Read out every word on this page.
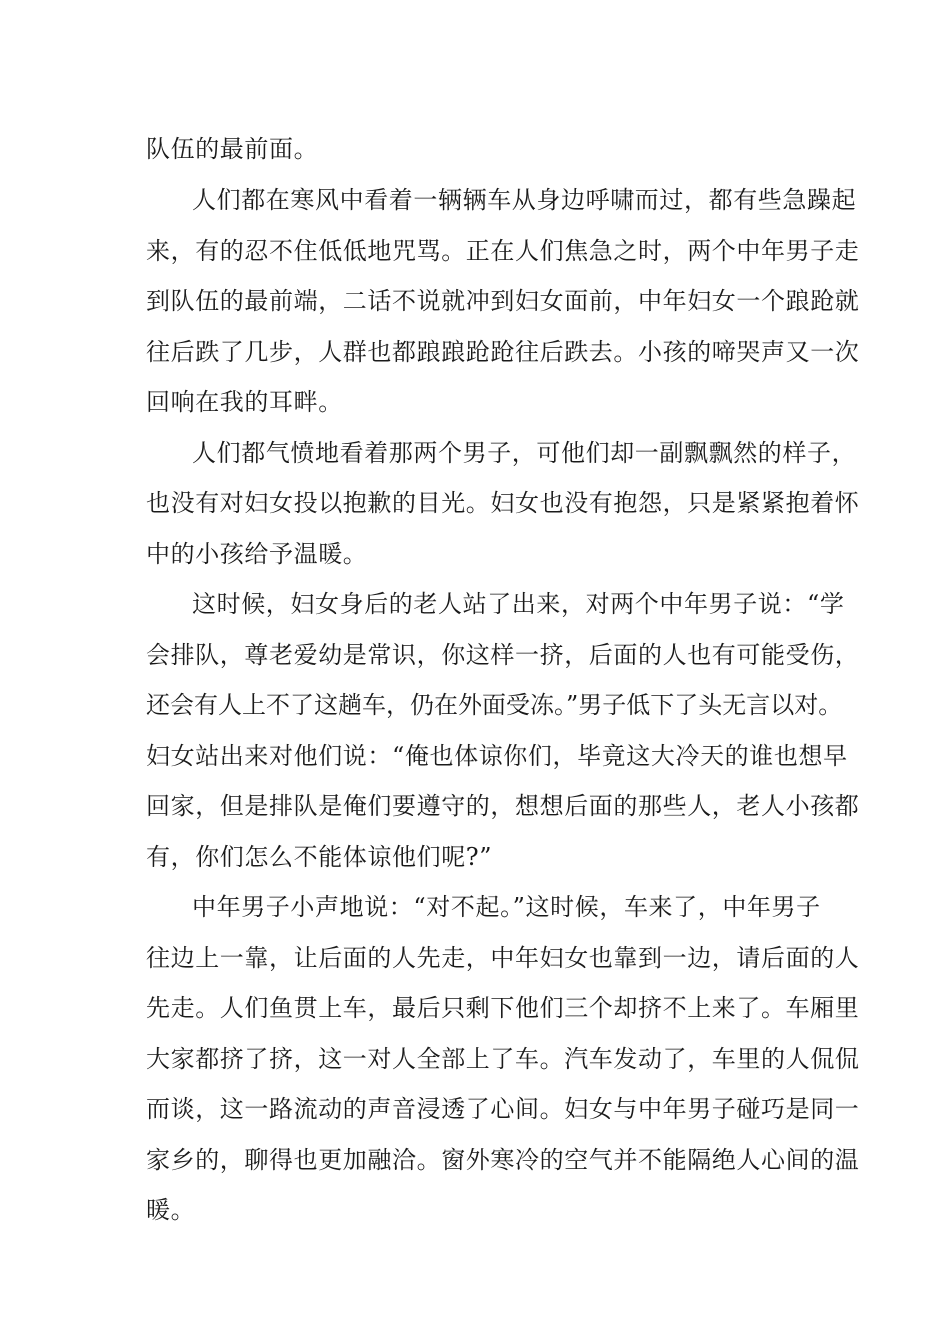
队伍的最前面。
人们都在寒风中看着一辆辆车从身边呼啸而过，都有些急躁起
来，有的忍不住低低地咒骂。正在人们焦急之时，两个中年男子走
到队伍的最前端，二话不说就冲到妇女面前，中年妇女一个踉跄就
往后跌了几步，人群也都踉踉跄跄往后跌去。小孩的啼哭声又一次
回响在我的耳畔。
人们都气愤地看着那两个男子，可他们却一副飘飘然的样子，
也没有对妇女投以抱歉的目光。妇女也没有抱怨，只是紧紧抱着怀
中的小孩给予温暖。
这时候，妇女身后的老人站了出来，对两个中年男子说：“学
会排队，尊老爱幼是常识，你这样一挤，后面的人也有可能受伤，
还会有人上不了这趟车，仍在外面受冻。”男子低下了头无言以对。
妇女站出来对他们说：“俺也体谅你们，毕竟这大冷天的谁也想早
回家，但是排队是俺们要遵守的，想想后面的那些人，老人小孩都
有，你们怎么不能体谅他们呢?”
中年男子小声地说：“对不起。”这时候，车来了，中年男子
往边上一靠，让后面的人先走，中年妇女也靠到一边，请后面的人
先走。人们鱼贯上车，最后只剩下他们三个却挤不上来了。车厢里
大家都挤了挤，这一对人全部上了车。汽车发动了，车里的人侃侃
而谈，这一路流动的声音浸透了心间。妇女与中年男子碰巧是同一
家乡的，聊得也更加融洽。窗外寒冷的空气并不能隔绝人心间的温
暖。
